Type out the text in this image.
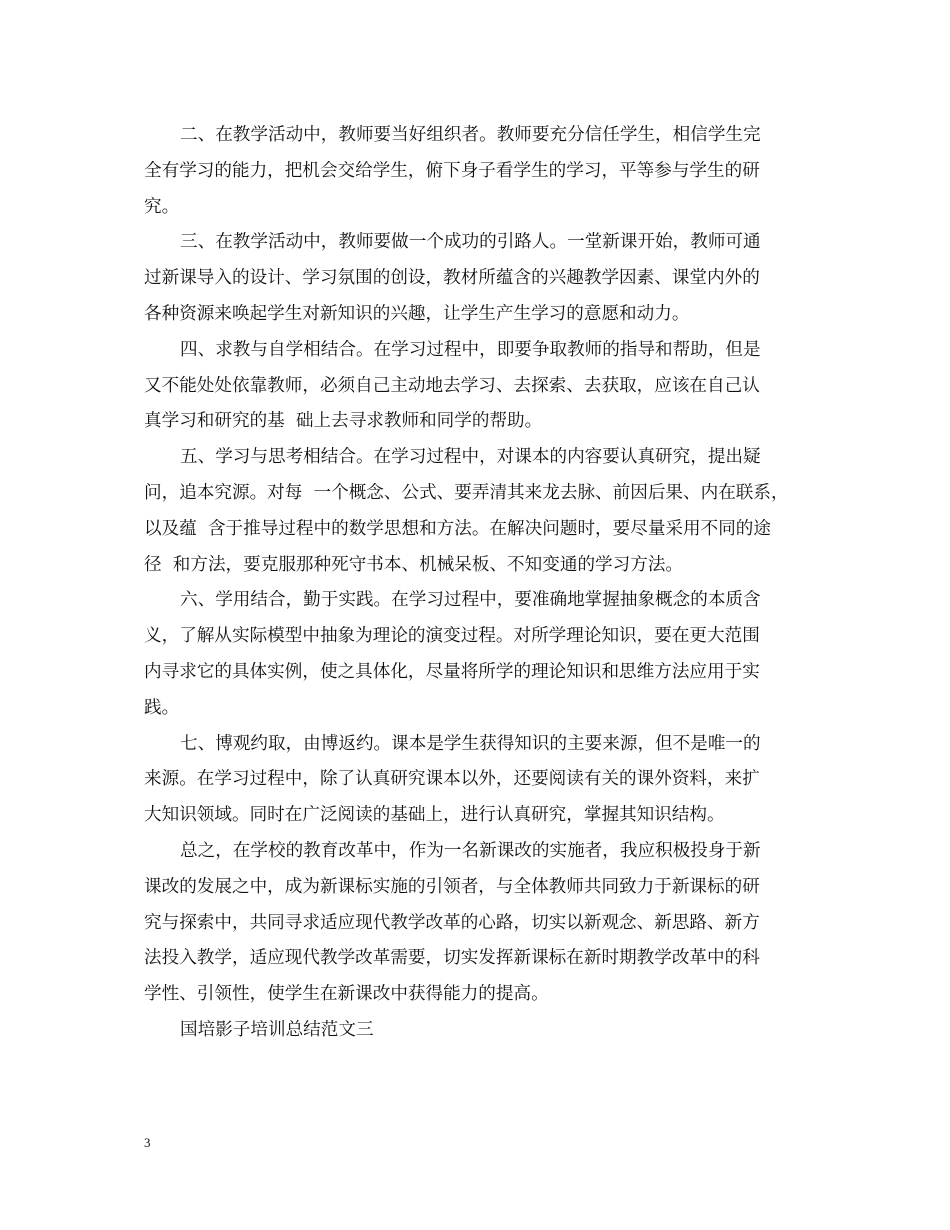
二、在教学活动中，教师要当好组织者。教师要充分信任学生，相信学生完
全有学习的能力，把机会交给学生，俯下身子看学生的学习，平等参与学生的研
究。
三、在教学活动中，教师要做一个成功的引路人。一堂新课开始，教师可通
过新课导入的设计、学习氛围的创设，教材所蕴含的兴趣教学因素、课堂内外的
各种资源来唤起学生对新知识的兴趣，让学生产生学习的意愿和动力。
四、求教与自学相结合。在学习过程中，即要争取教师的指导和帮助，但是
又不能处处依靠教师，必须自己主动地去学习、去探索、去获取，应该在自己认
真学习和研究的基  础上去寻求教师和同学的帮助。
五、学习与思考相结合。在学习过程中，对课本的内容要认真研究，提出疑
问，追本究源。对每  一个概念、公式、要弄清其来龙去脉、前因后果、内在联系，
以及蕴  含于推导过程中的数学思想和方法。在解决问题时，要尽量采用不同的途
径  和方法，要克服那种死守书本、机械呆板、不知变通的学习方法。
六、学用结合，勤于实践。在学习过程中，要准确地掌握抽象概念的本质含
义，了解从实际模型中抽象为理论的演变过程。对所学理论知识，要在更大范围
内寻求它的具体实例，使之具体化，尽量将所学的理论知识和思维方法应用于实
践。
七、博观约取，由博返约。课本是学生获得知识的主要来源，但不是唯一的
来源。在学习过程中，除了认真研究课本以外，还要阅读有关的课外资料，来扩
大知识领域。同时在广泛阅读的基础上，进行认真研究，掌握其知识结构。
总之，在学校的教育改革中，作为一名新课改的实施者，我应积极投身于新
课改的发展之中，成为新课标实施的引领者，与全体教师共同致力于新课标的研
究与探索中，共同寻求适应现代教学改革的心路，切实以新观念、新思路、新方
法投入教学，适应现代教学改革需要，切实发挥新课标在新时期教学改革中的科
学性、引领性，使学生在新课改中获得能力的提高。
国培影子培训总结范文三
3
